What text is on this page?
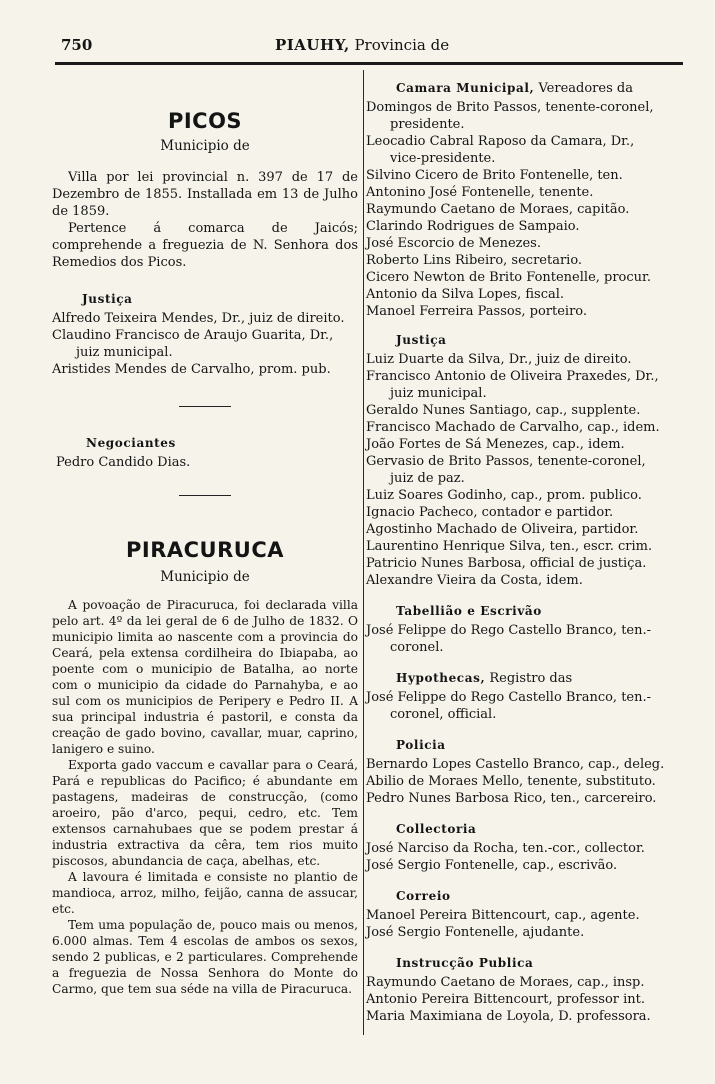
750	PIAUHY, Provincia de
PICOS
Municipio de

Villa por lei provincial n. 397 de 17 de Dezembro de 1855. Installada em 13 de Julho de 1859.

Pertence á comarca de Jaicós; comprehende a freguezia de N. Senhora dos Remedios dos Picos.

Justiça
Alfredo Teixeira Mendes, Dr., juiz de direito.
Claudino Francisco de Araujo Guarita, Dr.,
juiz municipal.
Aristides Mendes de Carvalho, prom. pub.
Negociantes
Pedro Candido Dias.
PIRACURUCA
Municipio de

A povoação de Piracuruca, foi declarada villa pelo art. 4º da lei geral de 6 de Julho de 1832. O municipio limita ao nascente com a provincia do Ceará, pela extensa cordilheira do Ibiapaba, ao poente com o municipio de Batalha, ao norte com o municipio da cidade do Parnahyba, e ao sul com os municipios de Peripery e Pedro II. A sua principal industria é pastoril, e consta da creação de gado bovino, cavallar, muar, caprino, lanigero e suino.

Exporta gado vaccum e cavallar para o Ceará, Pará e republicas do Pacifico; é abundante em pastagens, madeiras de construcção, (como aroeiro, pão d'arco, pequi, cedro, etc. Tem extensos carnahubaes que se podem prestar á industria extractiva da cêra, tem rios muito piscosos, abundancia de caça, abelhas, etc.

A lavoura é limitada e consiste no plantio de mandioca, arroz, milho, feijão, canna de assucar, etc.

Tem uma população de, pouco mais ou menos, 6.000 almas. Tem 4 escolas de ambos os sexos, sendo 2 publicas, e 2 particulares. Comprehende a freguezia de Nossa Senhora do Monte do Carmo, que tem sua séde na villa de Piracuruca.

Camara Municipal, Vereadores da
Domingos de Brito Passos, tenente-coronel,
presidente.
Leocadio Cabral Raposo da Camara, Dr.,
vice-presidente.
Silvino Cicero de Brito Fontenelle, ten.
Antonino José Fontenelle, tenente.
Raymundo Caetano de Moraes, capitão.
Clarindo Rodrigues de Sampaio.
José Escorcio de Menezes.
Roberto Lins Ribeiro, secretario.
Cicero Newton de Brito Fontenelle, procur.
Antonio da Silva Lopes, fiscal.
Manoel Ferreira Passos, porteiro.
Justiça
Luiz Duarte da Silva, Dr., juiz de direito.
Francisco Antonio de Oliveira Praxedes, Dr.,
juiz municipal.
Geraldo Nunes Santiago, cap., supplente.
Francisco Machado de Carvalho, cap., idem.
João Fortes de Sá Menezes, cap., idem.
Gervasio de Brito Passos, tenente-coronel,
juiz de paz.
Luiz Soares Godinho, cap., prom. publico.
Ignacio Pacheco, contador e partidor.
Agostinho Machado de Oliveira, partidor.
Laurentino Henrique Silva, ten., escr. crim.
Patricio Nunes Barbosa, official de justiça.
Alexandre Vieira da Costa, idem.
Tabellião e Escrivão
José Felippe do Rego Castello Branco, ten.-
coronel.
Hypothecas, Registro das
José Felippe do Rego Castello Branco, ten.-
coronel, official.
Policia
Bernardo Lopes Castello Branco, cap., deleg.
Abilio de Moraes Mello, tenente, substituto.
Pedro Nunes Barbosa Rico, ten., carcereiro.
Collectoria
José Narciso da Rocha, ten.-cor., collector.
José Sergio Fontenelle, cap., escrivão.
Correio
Manoel Pereira Bittencourt, cap., agente.
José Sergio Fontenelle, ajudante.
Instrucção Publica
Raymundo Caetano de Moraes, cap., insp.
Antonio Pereira Bittencourt, professor int.
Maria Maximiana de Loyola, D. professora.
